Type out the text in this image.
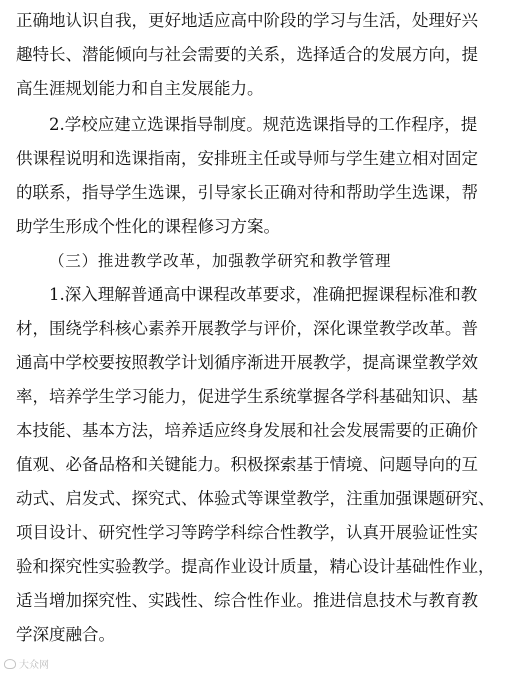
正确地认识自我，更好地适应高中阶段的学习与生活，处理好兴
趣特长、潜能倾向与社会需要的关系，选择适合的发展方向，提
高生涯规划能力和自主发展能力。
2.学校应建立选课指导制度。规范选课指导的工作程序，提
供课程说明和选课指南，安排班主任或导师与学生建立相对固定
的联系，指导学生选课，引导家长正确对待和帮助学生选课，帮
助学生形成个性化的课程修习方案。
（三）推进教学改革，加强教学研究和教学管理
1.深入理解普通高中课程改革要求，准确把握课程标准和教
材，围绕学科核心素养开展教学与评价，深化课堂教学改革。普
通高中学校要按照教学计划循序渐进开展教学，提高课堂教学效
率，培养学生学习能力，促进学生系统掌握各学科基础知识、基
本技能、基本方法，培养适应终身发展和社会发展需要的正确价
值观、必备品格和关键能力。积极探索基于情境、问题导向的互
动式、启发式、探究式、体验式等课堂教学，注重加强课题研究、
项目设计、研究性学习等跨学科综合性教学，认真开展验证性实
验和探究性实验教学。提高作业设计质量，精心设计基础性作业，
适当增加探究性、实践性、综合性作业。推进信息技术与教育教
学深度融合。
大众网
